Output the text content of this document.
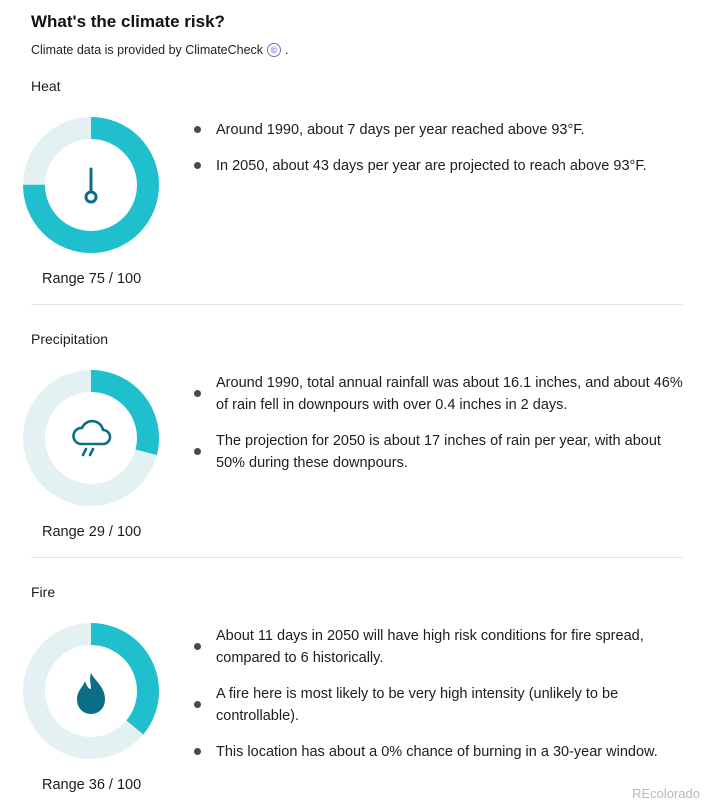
What's the climate risk?
Climate data is provided by ClimateCheck © .
Heat
Range 75 / 100
Around 1990, about 7 days per year reached above 93°F.
In 2050, about 43 days per year are projected to reach above 93°F.
Precipitation
Range 29 / 100
Around 1990, total annual rainfall was about 16.1 inches, and about 46% of rain fell in downpours with over 0.4 inches in 2 days.
The projection for 2050 is about 17 inches of rain per year, with about 50% during these downpours.
Fire
Range 36 / 100
About 11 days in 2050 will have high risk conditions for fire spread, compared to 6 historically.
A fire here is most likely to be very high intensity (unlikely to be controllable).
This location has about a 0% chance of burning in a 30-year window.
REcolorado
